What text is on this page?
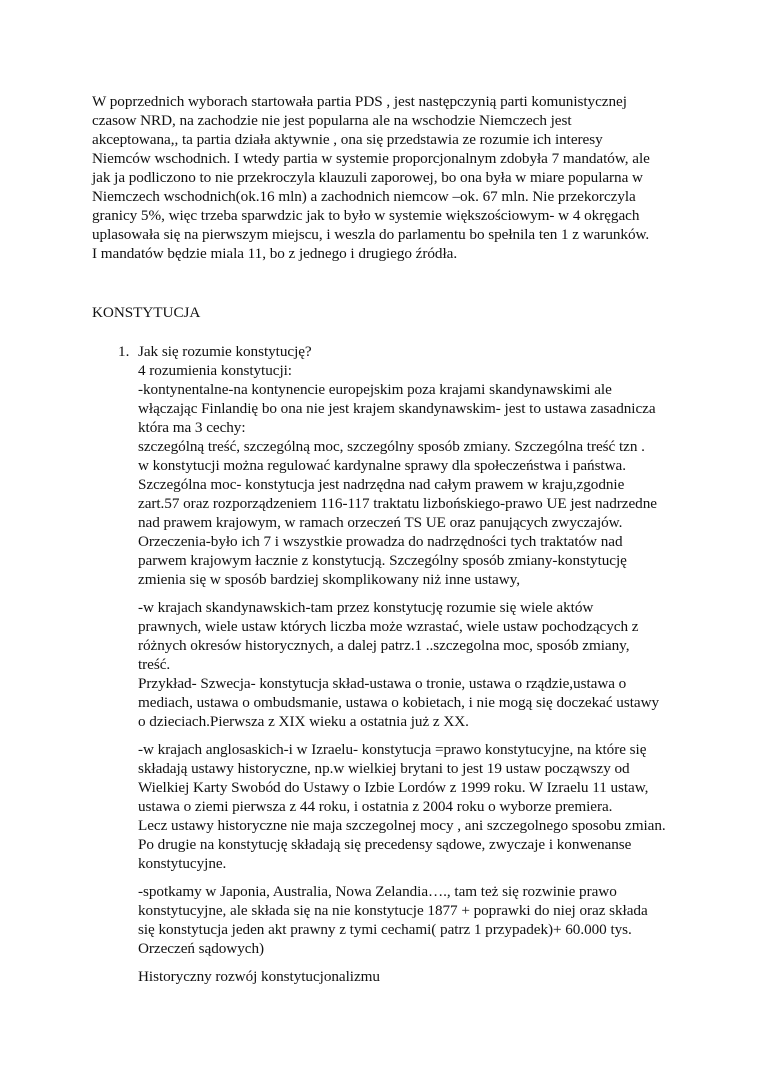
W poprzednich wyborach startowała partia PDS , jest następczynią parti komunistycznej
czasow NRD, na zachodzie nie jest popularna ale na wschodzie Niemczech jest
akceptowana,, ta partia działa aktywnie , ona się przedstawia ze rozumie ich interesy
Niemców wschodnich. I wtedy partia w systemie proporcjonalnym zdobyła 7 mandatów, ale
jak ja podliczono to nie przekroczyla klauzuli zaporowej, bo ona była w miare popularna w
Niemczech wschodnich(ok.16 mln) a zachodnich niemcow –ok. 67 mln. Nie przekorczyla
granicy 5%, więc trzeba sparwdzic jak to było w systemie większościowym- w 4 okręgach
uplasowała się na pierwszym miejscu, i weszla do parlamentu bo spełnila ten 1 z warunków.
I mandatów będzie miala 11, bo z jednego i drugiego źródła.
KONSTYTUCJA
1. Jak się rozumie konstytucję?
4 rozumienia konstytucji:
-kontynentalne-na kontynencie europejskim poza krajami skandynawskimi ale
włączając Finlandię bo ona nie jest krajem skandynawskim- jest to ustawa zasadnicza
która ma 3 cechy:
szczególną treść, szczególną moc, szczególny sposób zmiany. Szczególna treść tzn .
w konstytucji można regulować kardynalne sprawy dla społeczeństwa i państwa.
Szczególna moc- konstytucja jest nadrzędna nad całym prawem w kraju,zgodnie
zart.57 oraz rozporządzeniem 116-117 traktatu lizbońskiego-prawo UE jest nadrzedne
nad prawem krajowym, w ramach orzeczeń TS UE oraz panujących zwyczajów.
Orzeczenia-było ich 7 i wszystkie prowadza do nadrzędności tych traktatów nad
parwem krajowym łacznie z konstytucją. Szczególny sposób zmiany-konstytucję
zmienia się w sposób bardziej skomplikowany niż inne ustawy,
-w krajach skandynawskich-tam przez konstytucję rozumie się wiele aktów
prawnych, wiele ustaw których liczba może wzrastać, wiele ustaw pochodzących z
różnych okresów historycznych, a dalej patrz.1 ..szczegolna moc, sposób zmiany,
treść.
Przykład- Szwecja- konstytucja skład-ustawa o tronie, ustawa o rządzie,ustawa o
mediach, ustawa o ombudsmanie, ustawa o kobietach, i nie mogą się doczekać ustawy
o dzieciach.Pierwsza z XIX wieku a ostatnia już z XX.
-w krajach anglosaskich-i w Izraelu- konstytucja =prawo konstytucyjne, na które się
składają ustawy historyczne, np.w wielkiej brytani to jest 19 ustaw począwszy od
Wielkiej Karty Swobód do Ustawy o Izbie Lordów z 1999 roku. W Izraelu 11 ustaw,
ustawa o ziemi pierwsza z 44 roku, i ostatnia z 2004 roku o wyborze premiera.
Lecz ustawy historyczne nie maja szczegolnej mocy , ani szczegolnego sposobu zmian.
Po drugie na konstytucję składają się precedensy sądowe, zwyczaje i konwenanse
konstytucyjne.
-spotkamy w Japonia, Australia, Nowa Zelandia…., tam też się rozwinie prawo
konstytucyjne, ale składa się na nie konstytucje 1877 + poprawki do niej oraz składa
się konstytucja jeden akt prawny z tymi cechami( patrz 1 przypadek)+ 60.000 tys.
Orzeczeń sądowych)
Historyczny rozwój konstytucjonalizmu
